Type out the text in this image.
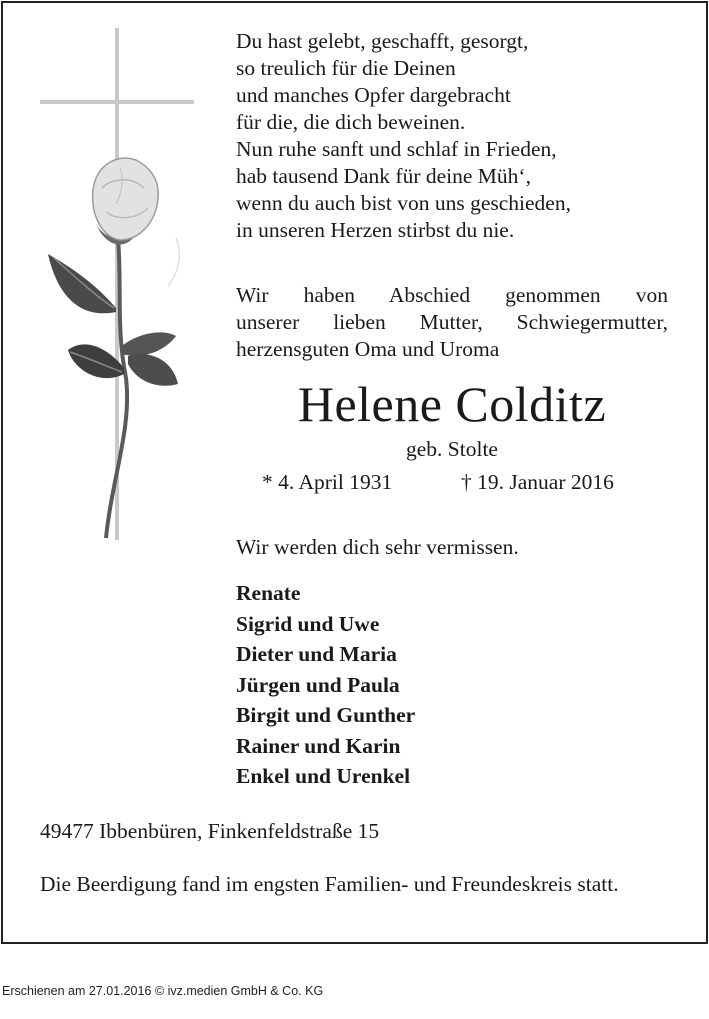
Du hast gelebt, geschafft, gesorgt,
so treulich für die Deinen
und manches Opfer dargebracht
für die, die dich beweinen.
Nun ruhe sanft und schlaf in Frieden,
hab tausend Dank für deine Müh‘,
wenn du auch bist von uns geschieden,
in unseren Herzen stirbst du nie.
Wir haben Abschied genommen von
unserer lieben Mutter, Schwiegermutter,
herzensguten Oma und Uroma
Helene Colditz
geb. Stolte
* 4. April 1931	† 19. Januar 2016
Wir werden dich sehr vermissen.
Renate
Sigrid und Uwe
Dieter und Maria
Jürgen und Paula
Birgit und Gunther
Rainer und Karin
Enkel und Urenkel
49477 Ibbenbüren, Finkenfeldstraße 15
Die Beerdigung fand im engsten Familien- und Freundeskreis statt.
Erschienen am 27.01.2016 © ivz.medien GmbH & Co. KG
